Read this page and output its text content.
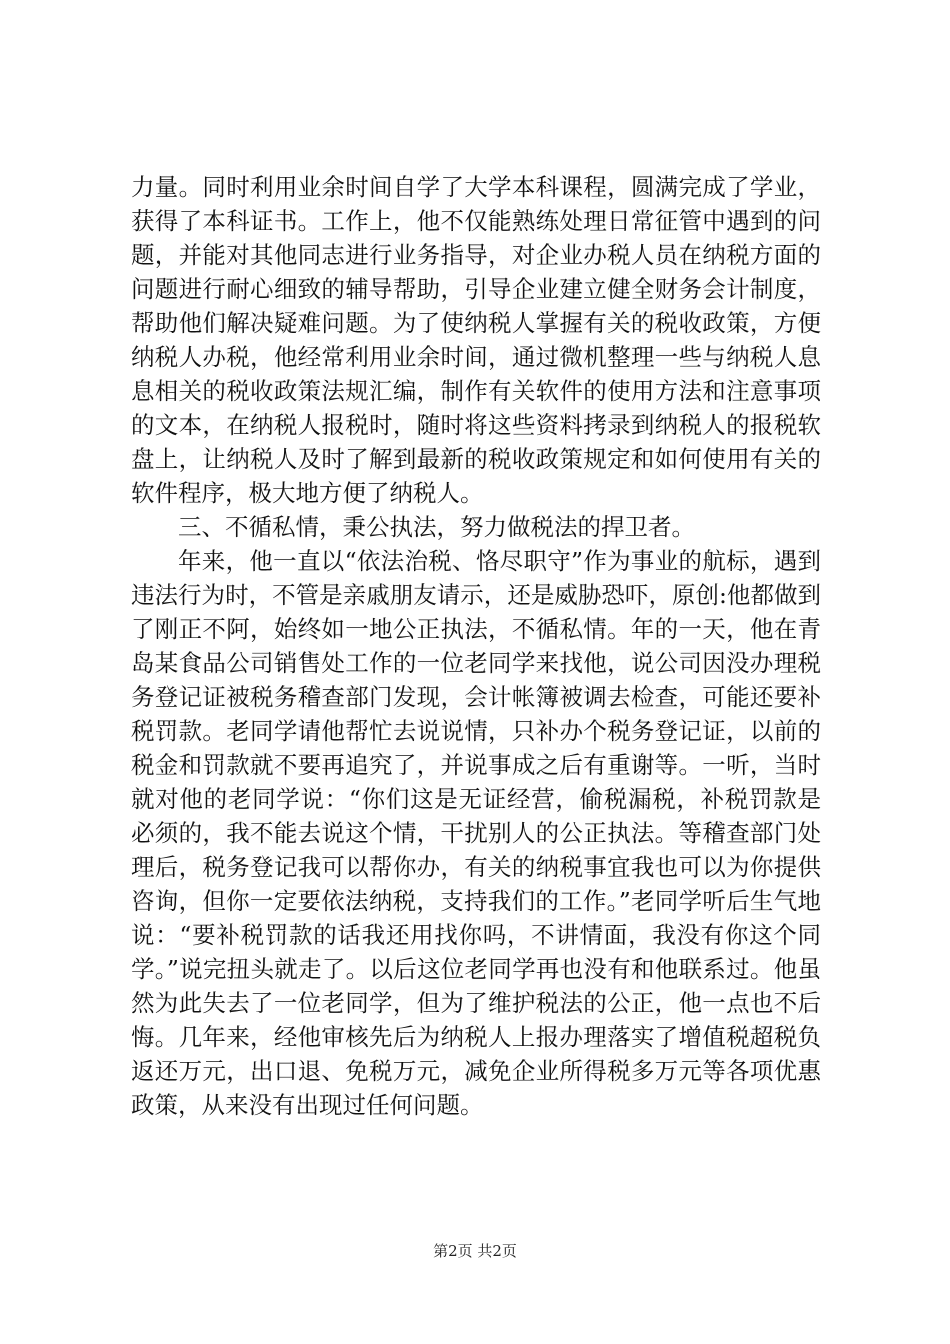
力量。同时利用业余时间自学了大学本科课程，圆满完成了学业，获得了本科证书。工作上，他不仅能熟练处理日常征管中遇到的问题，并能对其他同志进行业务指导，对企业办税人员在纳税方面的问题进行耐心细致的辅导帮助，引导企业建立健全财务会计制度，帮助他们解决疑难问题。为了使纳税人掌握有关的税收政策，方便纳税人办税，他经常利用业余时间，通过微机整理一些与纳税人息息相关的税收政策法规汇编，制作有关软件的使用方法和注意事项的文本，在纳税人报税时，随时将这些资料拷录到纳税人的报税软盘上，让纳税人及时了解到最新的税收政策规定和如何使用有关的软件程序，极大地方便了纳税人。

三、不循私情，秉公执法，努力做税法的捍卫者。

年来，他一直以“依法治税、恪尽职守”作为事业的航标，遇到违法行为时，不管是亲戚朋友请示，还是威胁恐吓，原创:他都做到了刚正不阿，始终如一地公正执法，不循私情。年的一天，他在青岛某食品公司销售处工作的一位老同学来找他，说公司因没办理税务登记证被税务稽查部门发现，会计帐簿被调去检查，可能还要补税罚款。老同学请他帮忙去说说情，只补办个税务登记证，以前的税金和罚款就不要再追究了，并说事成之后有重谢等。一听，当时就对他的老同学说：“你们这是无证经营，偷税漏税，补税罚款是必须的，我不能去说这个情，干扰别人的公正执法。等稽查部门处理后，税务登记我可以帮你办，有关的纳税事宜我也可以为你提供咨询，但你一定要依法纳税，支持我们的工作。”老同学听后生气地说：“要补税罚款的话我还用找你吗，不讲情面，我没有你这个同学。”说完扭头就走了。以后这位老同学再也没有和他联系过。他虽然为此失去了一位老同学，但为了维护税法的公正，他一点也不后悔。几年来，经他审核先后为纳税人上报办理落实了增值税超税负返还万元，出口退、免税万元，减免企业所得税多万元等各项优惠政策，从来没有出现过任何问题。

第2页 共2页
